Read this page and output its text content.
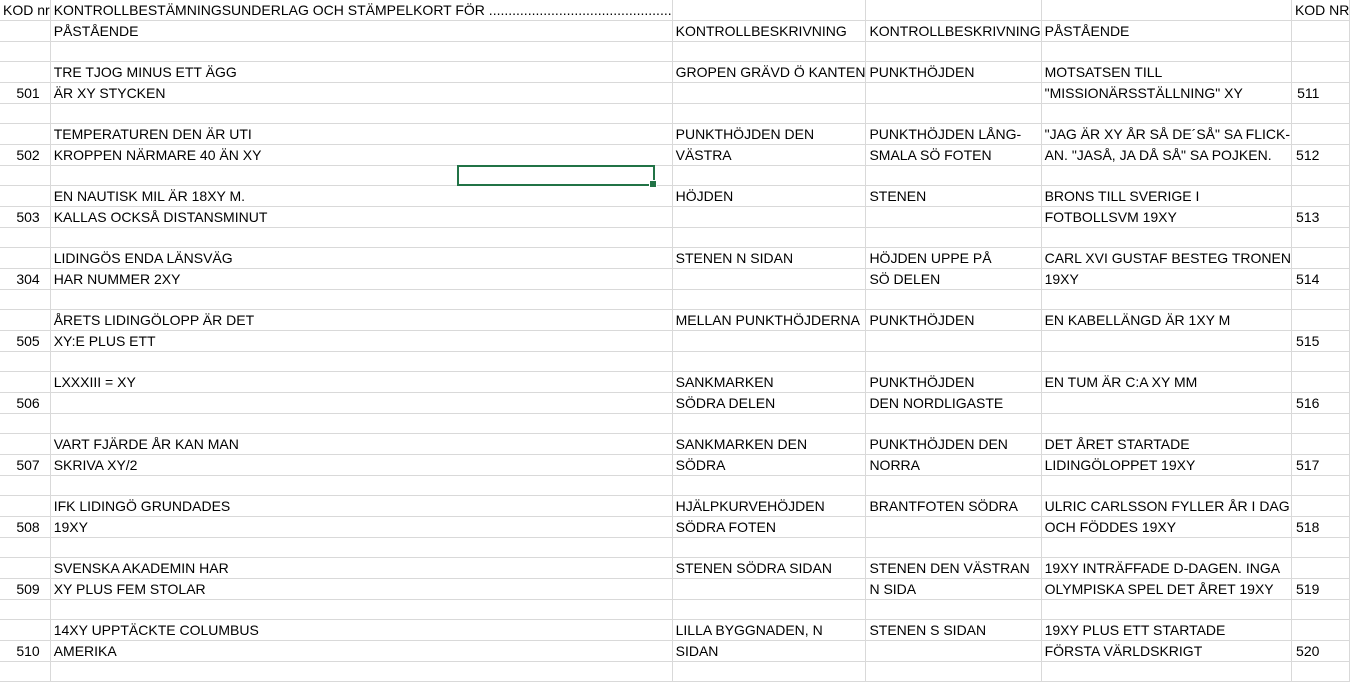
KOD nr	KONTROLLBESTÄMNINGSUNDERLAG OCH STÄMPELKORT FÖR ...............................................				KOD NR
	PÅSTÅENDE	KONTROLLBESKRIVNING	KONTROLLBESKRIVNING	PÅSTÅENDE	

	TRE TJOG MINUS ETT ÄGG	GROPEN GRÄVD Ö KANTEN	PUNKTHÖJDEN	MOTSATSEN TILL	
501	ÄR XY STYCKEN			"MISSIONÄRSSTÄLLNING" XY	511

	TEMPERATUREN DEN ÄR UTI	PUNKTHÖJDEN DEN	PUNKTHÖJDEN LÅNG-	"JAG ÄR XY ÅR SÅ DE´SÅ" SA FLICK-	
502	KROPPEN NÄRMARE 40 ÄN XY	VÄSTRA	SMALA SÖ FOTEN	AN. "JASÅ, JA DÅ SÅ" SA POJKEN.	512

	EN NAUTISK MIL ÄR 18XY M.	HÖJDEN	STENEN	BRONS TILL SVERIGE I	
503	KALLAS OCKSÅ DISTANSMINUT			FOTBOLLSVM 19XY	513

	LIDINGÖS ENDA LÄNSVÄG	STENEN N SIDAN	HÖJDEN UPPE PÅ	CARL XVI GUSTAF BESTEG TRONEN	
304	HAR NUMMER 2XY		SÖ DELEN	19XY	514

	ÅRETS LIDINGÖLOPP ÄR DET	MELLAN PUNKTHÖJDERNA	PUNKTHÖJDEN	EN KABELLÄNGD ÄR 1XY M	
505	XY:E PLUS ETT				515

	LXXXIII = XY	SANKMARKEN	PUNKTHÖJDEN	EN TUM ÄR C:A XY MM	
506		SÖDRA DELEN	DEN NORDLIGASTE		516

	VART FJÄRDE ÅR KAN MAN	SANKMARKEN DEN	PUNKTHÖJDEN DEN	DET ÅRET STARTADE	
507	SKRIVA XY/2	SÖDRA	NORRA	LIDINGÖLOPPET 19XY	517

	IFK LIDINGÖ GRUNDADES	HJÄLPKURVEHÖJDEN	BRANTFOTEN SÖDRA	ULRIC CARLSSON FYLLER ÅR I DAG	
508	19XY	SÖDRA FOTEN		OCH FÖDDES 19XY	518

	SVENSKA AKADEMIN HAR	STENEN SÖDRA SIDAN	STENEN DEN VÄSTRAN	19XY INTRÄFFADE D-DAGEN. INGA	
509	XY PLUS FEM STOLAR		N SIDA	OLYMPISKA SPEL DET ÅRET 19XY	519

	14XY UPPTÄCKTE COLUMBUS	LILLA BYGGNADEN, N	STENEN S SIDAN	19XY PLUS ETT STARTADE	
510	AMERIKA	SIDAN		FÖRSTA VÄRLDSKRIGT	520
